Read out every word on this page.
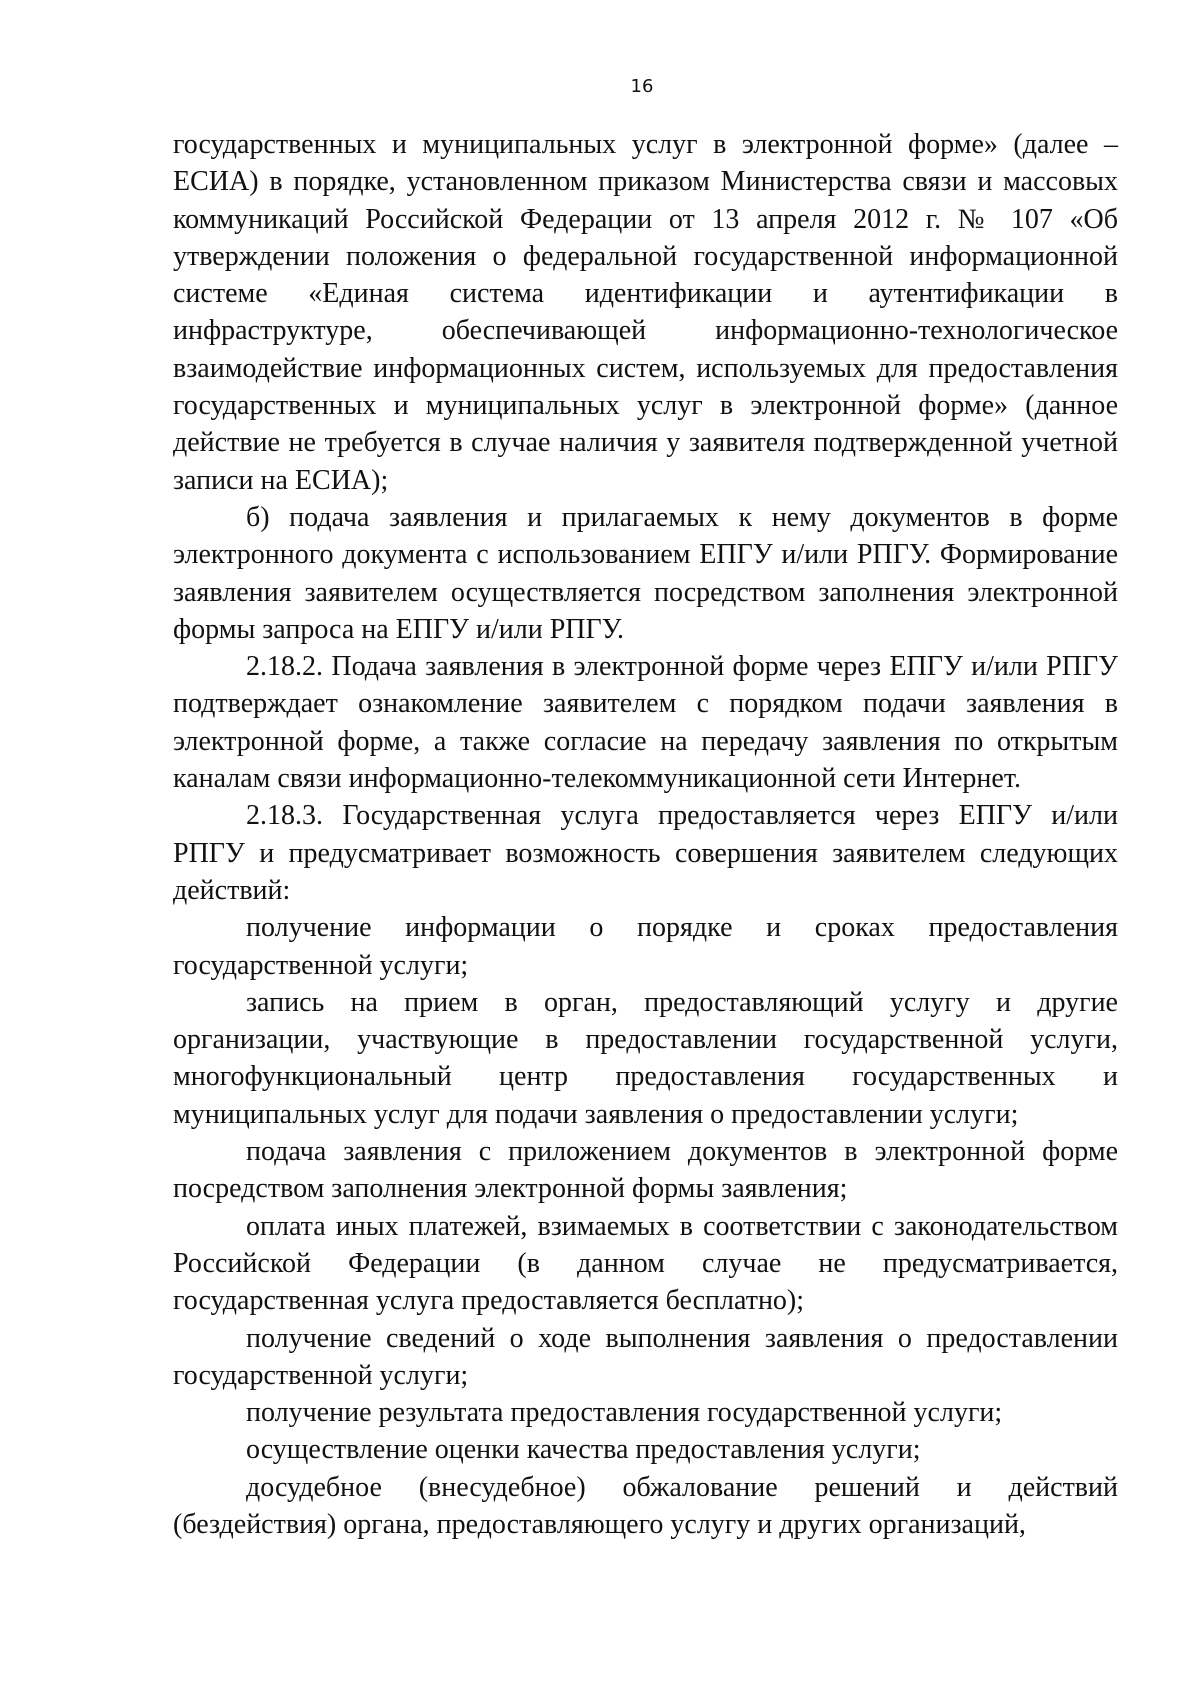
16

государственных и муниципальных услуг в электронной форме» (далее – ЕСИА) в порядке, установленном приказом Министерства связи и массовых коммуникаций Российской Федерации от 13 апреля 2012 г. № 107 «Об утверждении положения о федеральной государственной информационной системе «Единая система идентификации и аутентификации в инфраструктуре, обеспечивающей информационно-технологическое взаимодействие информационных систем, используемых для предоставления государственных и муниципальных услуг в электронной форме» (данное действие не требуется в случае наличия у заявителя подтвержденной учетной записи на ЕСИА);

б) подача заявления и прилагаемых к нему документов в форме электронного документа с использованием ЕПГУ и/или РПГУ. Формирование заявления заявителем осуществляется посредством заполнения электронной формы запроса на ЕПГУ и/или РПГУ.

2.18.2. Подача заявления в электронной форме через ЕПГУ и/или РПГУ подтверждает ознакомление заявителем с порядком подачи заявления в электронной форме, а также согласие на передачу заявления по открытым каналам связи информационно-телекоммуникационной сети Интернет.

2.18.3. Государственная услуга предоставляется через ЕПГУ и/или РПГУ и предусматривает возможность совершения заявителем следующих действий:

получение информации о порядке и сроках предоставления государственной услуги;

запись на прием в орган, предоставляющий услугу и другие организации, участвующие в предоставлении государственной услуги, многофункциональный центр предоставления государственных и муниципальных услуг для подачи заявления о предоставлении услуги;

подача заявления с приложением документов в электронной форме посредством заполнения электронной формы заявления;

оплата иных платежей, взимаемых в соответствии с законодательством Российской Федерации (в данном случае не предусматривается, государственная услуга предоставляется бесплатно);

получение сведений о ходе выполнения заявления о предоставлении государственной услуги;

получение результата предоставления государственной услуги;

осуществление оценки качества предоставления услуги;

досудебное (внесудебное) обжалование решений и действий (бездействия) органа, предоставляющего услугу и других организаций,
